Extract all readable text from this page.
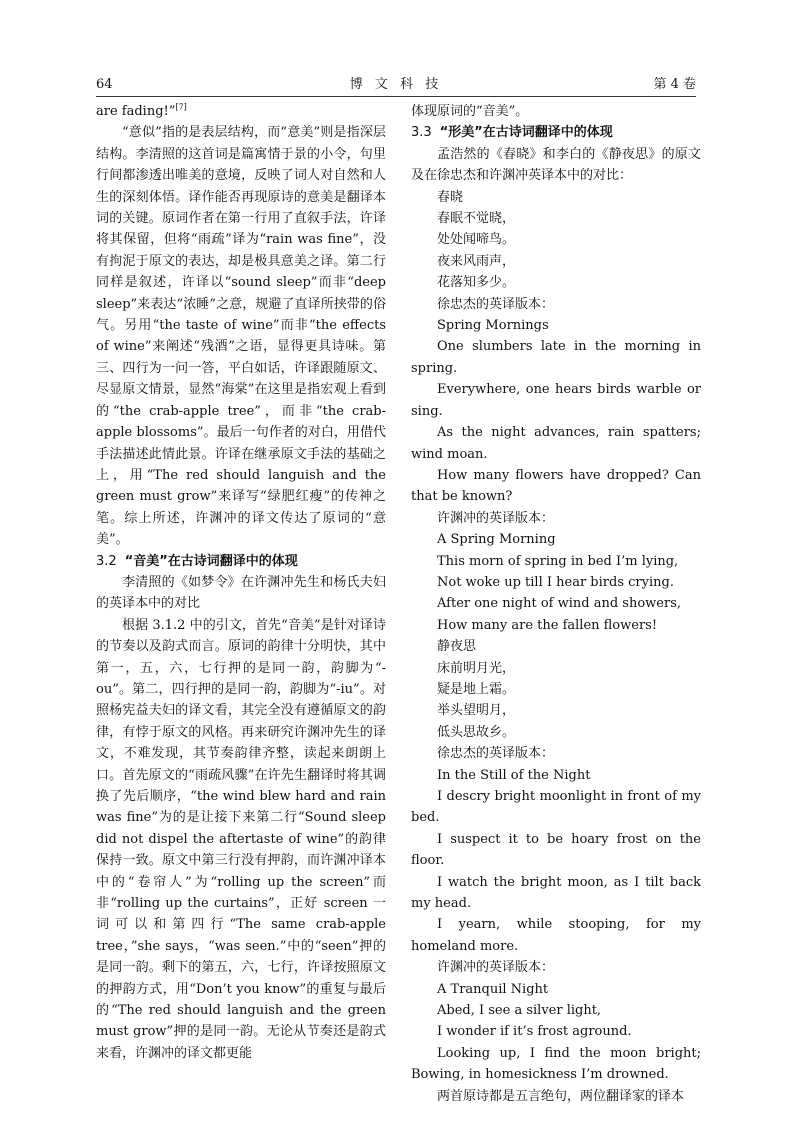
64	博 文 科 技	第 4 卷

are fading!”[7]

“意似”指的是表层结构，而“意美”则是指深层结构。李清照的这首词是篇寓情于景的小令，句里行间都渗透出唯美的意境，反映了词人对自然和人生的深刻体悟。译作能否再现原诗的意美是翻译本词的关键。原词作者在第一行用了直叙手法，许译将其保留，但将“雨疏”译为“rain was fine”，没有拘泥于原文的表达，却是极具意美之译。第二行同样是叙述，许译以“sound sleep”而非“deep sleep”来表达“浓睡”之意，规避了直译所挟带的俗气。另用“the taste of wine”而非“the effects of wine”来阐述“残酒”之语，显得更具诗味。第三、四行为一问一答，平白如话，许译跟随原文、尽显原文情景，显然“海棠”在这里是指宏观上看到的“the crab-apple tree”，而非“the crab-apple blossoms”。最后一句作者的对白，用借代手法描述此情此景。许译在继承原文手法的基础之上，用“The red should languish and the green must grow”来译写“绿肥红瘦”的传神之笔。综上所述，许渊冲的译文传达了原词的“意美”。

3.2 “音美”在古诗词翻译中的体现

李清照的《如梦令》在许渊冲先生和杨氏夫妇的英译本中的对比

根据 3.1.2 中的引文，首先“音美”是针对译诗的节奏以及韵式而言。原词的韵律十分明快，其中第一，五，六，七行押的是同一韵，韵脚为“-ou”。第二，四行押的是同一韵，韵脚为“-iu”。对照杨宪益夫妇的译文看，其完全没有遵循原文的韵律，有悖于原文的风格。再来研究许渊冲先生的译文，不难发现，其节奏韵律齐整，读起来朗朗上口。首先原文的“雨疏风骤”在许先生翻译时将其调换了先后顺序，“the wind blew hard and rain was fine”为的是让接下来第二行“Sound sleep did not dispel the aftertaste of wine”的韵律保持一致。原文中第三行没有押韵，而许渊冲译本中的“卷帘人”为“rolling up the screen”而非“rolling up the curtains”，正好 screen 一词可以和第四行“The same crab-apple tree，”she says，“was seen.”中的“seen”押的是同一韵。剩下的第五，六，七行，许译按照原文的押韵方式，用“Don’t you know”的重复与最后的“The red should languish and the green must grow”押的是同一韵。无论从节奏还是韵式来看，许渊冲的译文都更能

体现原词的“音美”。

3.3 “形美”在古诗词翻译中的体现

孟浩然的《春晓》和李白的《静夜思》的原文及在徐忠杰和许渊冲英译本中的对比：

春晓

春眠不觉晓，

处处闻啼鸟。

夜来风雨声，

花落知多少。

徐忠杰的英译版本：

Spring Mornings

One slumbers late in the morning in spring.

Everywhere, one hears birds warble or sing.

As the night advances, rain spatters; wind moan.

How many flowers have dropped? Can that be known?

许渊冲的英译版本：

A Spring Morning

This morn of spring in bed I’m lying,

Not woke up till I hear birds crying.

After one night of wind and showers,

How many are the fallen flowers!

静夜思

床前明月光，

疑是地上霜。

举头望明月，

低头思故乡。

徐忠杰的英译版本：

In the Still of the Night

I descry bright moonlight in front of my bed.

I suspect it to be hoary frost on the floor.

I watch the bright moon, as I tilt back my head.

I yearn, while stooping, for my homeland more.

许渊冲的英译版本：

A Tranquil Night

Abed, I see a silver light,

I wonder if it’s frost aground.

Looking up, I find the moon bright; Bowing, in homesickness I’m drowned.

两首原诗都是五言绝句，两位翻译家的译本
